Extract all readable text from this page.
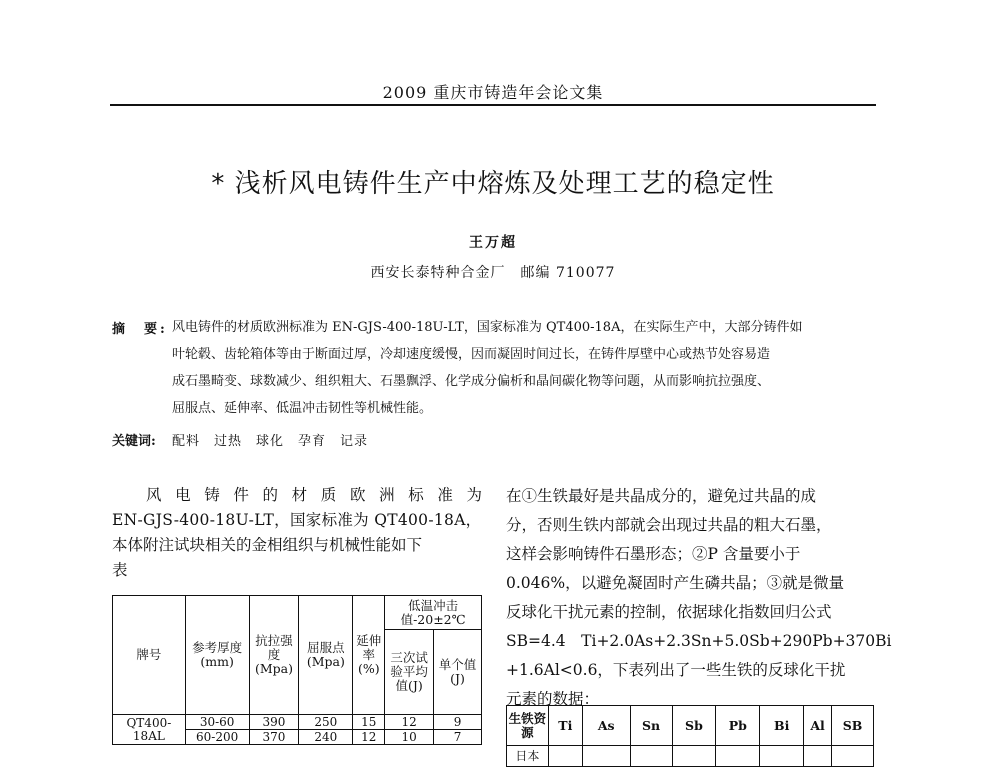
2009 重庆市铸造年会论文集
* 浅析风电铸件生产中熔炼及处理工艺的稳定性
王万超
西安长泰特种合金厂　邮编 710077
摘　要: 风电铸件的材质欧洲标准为 EN-GJS-400-18U-LT，国家标准为 QT400-18A，在实际生产中，大部分铸件如
叶轮毂、齿轮箱体等由于断面过厚，冷却速度缓慢，因而凝固时间过长，在铸件厚壁中心或热节处容易造
成石墨畸变、球数减少、组织粗大、石墨飘浮、化学成分偏析和晶间碳化物等问题，从而影响抗拉强度、
屈服点、延伸率、低温冲击韧性等机械性能。
关键词: 配料　过热　球化　孕育　记录
风电铸件的材质欧洲标准为
EN-GJS-400-18U-LT，国家标准为 QT400-18A，
本体附注试块相关的金相组织与机械性能如下
表
牌号	参考厚度(mm)	抗拉强度(Mpa)	屈服点(Mpa)	延伸率(%)	低温冲击值-20±2℃	
					三次试验平均值(J)	单个值(J)
QT400-18AL	30-60	390	250	15	12	9
	60-200	370	240	12	10	7
在①生铁最好是共晶成分的，避免过共晶的成
分，否则生铁内部就会出现过共晶的粗大石墨，
这样会影响铸件石墨形态；②P 含量要小于
0.046%，以避免凝固时产生磷共晶；③就是微量
反球化干扰元素的控制，依据球化指数回归公式
SB=4.4　Ti+2.0As+2.3Sn+5.0Sb+290Pb+370Bi
+1.6Al<0.6，下表列出了一些生铁的反球化干扰
元素的数据：
生铁资源	Ti	As	Sn	Sb	Pb	Bi	Al	SB
日本								
